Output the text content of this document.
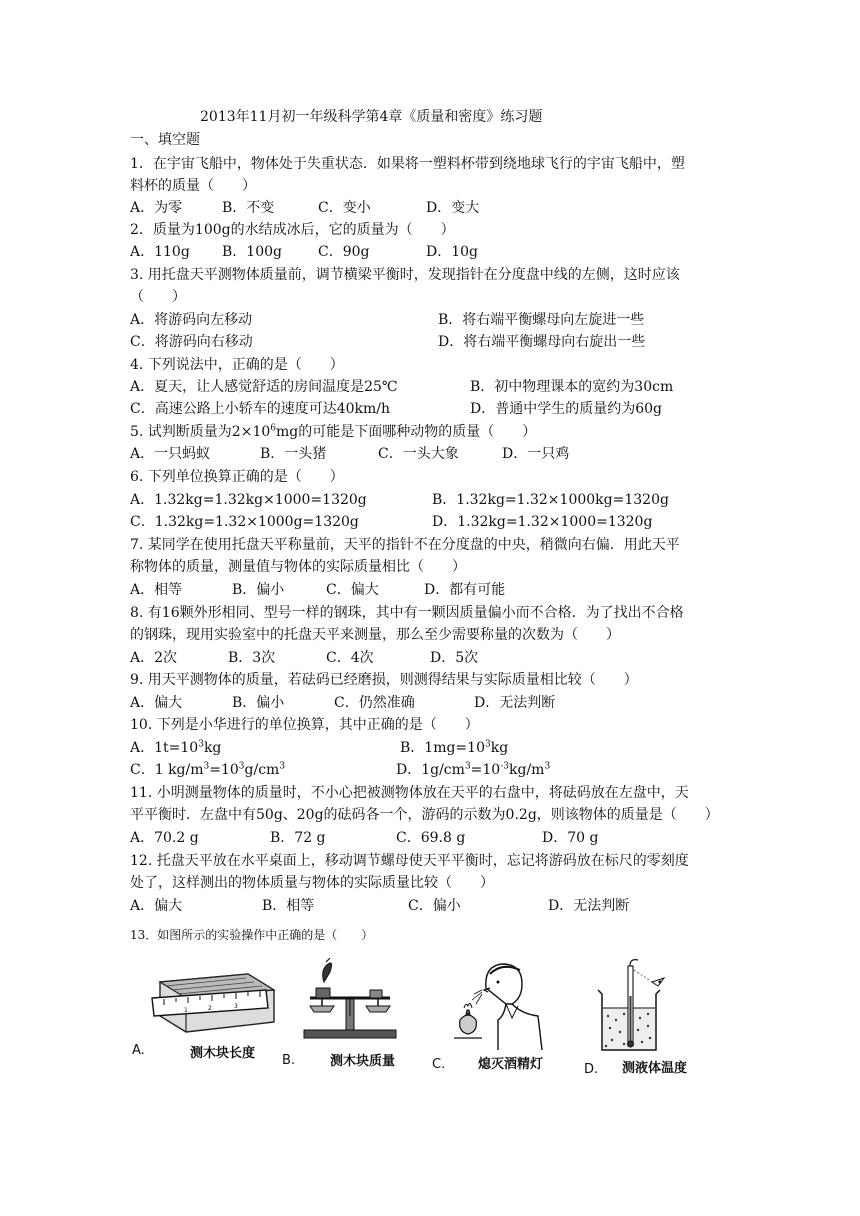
2013年11月初一年级科学第4章《质量和密度》练习题
一、填空题
1．在宇宙飞船中，物体处于失重状态．如果将一塑料杯带到绕地球飞行的宇宙飞船中，塑
料杯的质量（　　）
A．为零	B．不变	C．变小	D．变大
2．质量为100g的水结成冰后，它的质量为（　　）
A．110g B．100g	C．90g	D．10g
3. 用托盘天平测物体质量前，调节横梁平衡时，发现指针在分度盘中线的左侧，这时应该
（　　）
A．将游码向左移动	B．将右端平衡螺母向左旋进一些
C．将游码向右移动	D．将右端平衡螺母向右旋出一些
4. 下列说法中，正确的是（　　）
A．夏天，让人感觉舒适的房间温度是25℃	B．初中物理课本的宽约为30cm
C．高速公路上小轿车的速度可达40km/h	D．普通中学生的质量约为60g
5. 试判断质量为$2\times 10^6mg$的可能是下面哪种动物的质量（　　）
A．一只蚂蚁	B．一头猪	C．一头大象	D．一只鸡
6. 下列单位换算正确的是（　　）
A．1.32kg=1.32kg×1000=1320g	B．1.32kg=1.32×1000kg=1320g
C．1.32kg=1.32×1000g=1320g	D．1.32kg=1.32×1000=1320g
7. 某同学在使用托盘天平称量前，天平的指针不在分度盘的中央，稍微向右偏．用此天平
称物体的质量，测量值与物体的实际质量相比（　　）
A．相等	B．偏小	C．偏大	D．都有可能
8. 有16颗外形相同、型号一样的钢珠，其中有一颗因质量偏小而不合格．为了找出不合格
的钢珠，现用实验室中的托盘天平来测量，那么至少需要称量的次数为（　　）
A．2次	B．3次	C．4次	D．5次
9. 用天平测物体的质量，若砝码已经磨损，则测得结果与实际质量相比较（　　）
A．偏大	B．偏小	C．仍然准确	D．无法判断
10. 下列是小华进行的单位换算，其中正确的是（　　）
A．$1t=10^3kg$	B．$1mg=10^3kg$
C．1 $kg/m^3=10^3g/cm^3$	D．$1g/cm^3=10^{-3}kg/m^3$
11. 小明测量物体的质量时，不小心把被测物体放在天平的右盘中，将砝码放在左盘中，天
平平衡时．左盘中有50g、20g的砝码各一个，游码的示数为0.2g，则该物体的质量是（　　）
A．70.2 g	B．72 g	C．69.8 g	D．70 g
12. 托盘天平放在水平桌面上，移动调节螺母使天平平衡时，忘记将游码放在标尺的零刻度
处了，这样测出的物体质量与物体的实际质量比较（　　）
A．偏大	B．相等	C．偏小	D．无法判断
13．如图所示的实验操作中正确的是（　　）
1	2	3
A.	测木块长度 B.	测木块质量	C.	熄灭酒精灯	D. 测液体温度
